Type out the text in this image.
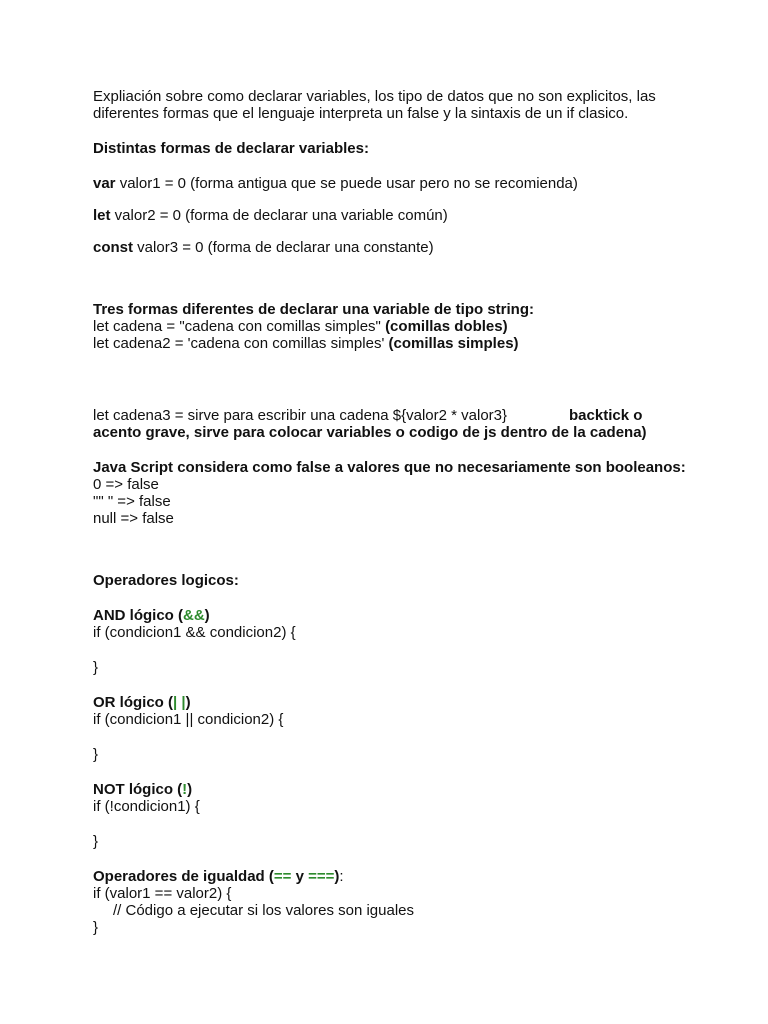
Expliación sobre como declarar variables, los tipo de datos que no son explicitos, las diferentes formas que el lenguaje interpreta un false y la sintaxis de un if clasico.

Distintas formas de declarar variables:

var valor1 = 0 (forma antigua que se puede usar pero no se recomienda)

let valor2 = 0 (forma de declarar una variable común)

const valor3 = 0 (forma de declarar una constante)

Tres formas diferentes de declarar una variable de tipo string:

let cadena = "cadena con comillas simples" (comillas dobles)

let cadena2 = 'cadena con comillas simples' (comillas simples)

let cadena3 = sirve para escribir una cadena ${valor2 * valor3}	backtick o
acento grave, sirve para colocar variables o codigo de js dentro de la cadena)

Java Script considera como false a valores que no necesariamente son booleanos:

0 => false

"" " => false

null => false

Operadores logicos:

AND lógico (&&)

if (condicion1 && condicion2) {

}

OR lógico (| |)

if (condicion1 || condicion2) {

}

NOT lógico (!)

if (!condicion1) {

}

Operadores de igualdad (== y ===):

if (valor1 == valor2) {

// Código a ejecutar si los valores son iguales

}
